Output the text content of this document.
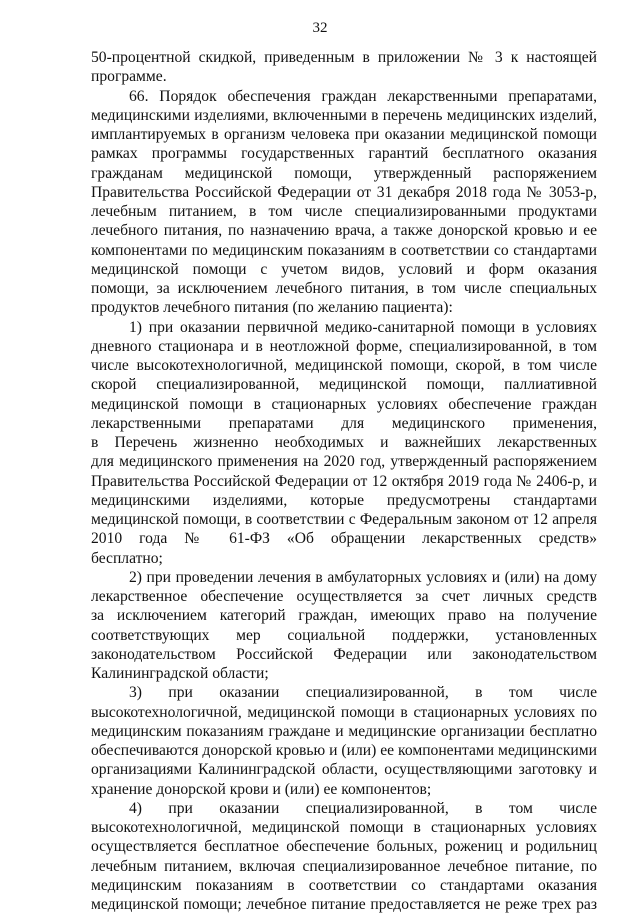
32
50-процентной скидкой, приведенным в приложении № 3 к настоящей
программе.
66. Порядок обеспечения граждан лекарственными препаратами,
медицинскими изделиями, включенными в перечень медицинских изделий,
имплантируемых в организм человека при оказании медицинской помощи
рамках программы государственных гарантий бесплатного оказания
гражданам медицинской помощи, утвержденный распоряжением
Правительства Российской Федерации от 31 декабря 2018 года № 3053-р,
лечебным питанием, в том числе специализированными продуктами
лечебного питания, по назначению врача, а также донорской кровью и ее
компонентами по медицинским показаниям в соответствии со стандартами
медицинской помощи с учетом видов, условий и форм оказания
помощи, за исключением лечебного питания, в том числе специальных
продуктов лечебного питания (по желанию пациента):
1) при оказании первичной медико-санитарной помощи в условиях
дневного стационара и в неотложной форме, специализированной, в том
числе высокотехнологичной, медицинской помощи, скорой, в том числе
скорой специализированной, медицинской помощи, паллиативной
медицинской помощи в стационарных условиях обеспечение граждан
лекарственными препаратами для медицинского применения,
в Перечень жизненно необходимых и важнейших лекарственных
для медицинского применения на 2020 год, утвержденный распоряжением
Правительства Российской Федерации от 12 октября 2019 года № 2406-р, и
медицинскими изделиями, которые предусмотрены стандартами
медицинской помощи, в соответствии с Федеральным законом от 12 апреля
2010 года № 61-ФЗ «Об обращении лекарственных средств»
бесплатно;
2) при проведении лечения в амбулаторных условиях и (или) на дому
лекарственное обеспечение осуществляется за счет личных средств
за исключением категорий граждан, имеющих право на получение
соответствующих мер социальной поддержки, установленных
законодательством Российской Федерации или законодательством
Калининградской области;
3) при оказании специализированной, в том числе
высокотехнологичной, медицинской помощи в стационарных условиях по
медицинским показаниям граждане и медицинские организации бесплатно
обеспечиваются донорской кровью и (или) ее компонентами медицинскими
организациями Калининградской области, осуществляющими заготовку и
хранение донорской крови и (или) ее компонентов;
4) при оказании специализированной, в том числе
высокотехнологичной, медицинской помощи в стационарных условиях
осуществляется бесплатное обеспечение больных, рожениц и родильниц
лечебным питанием, включая специализированное лечебное питание, по
медицинским показаниям в соответствии со стандартами оказания
медицинской помощи; лечебное питание предоставляется не реже трех раз
